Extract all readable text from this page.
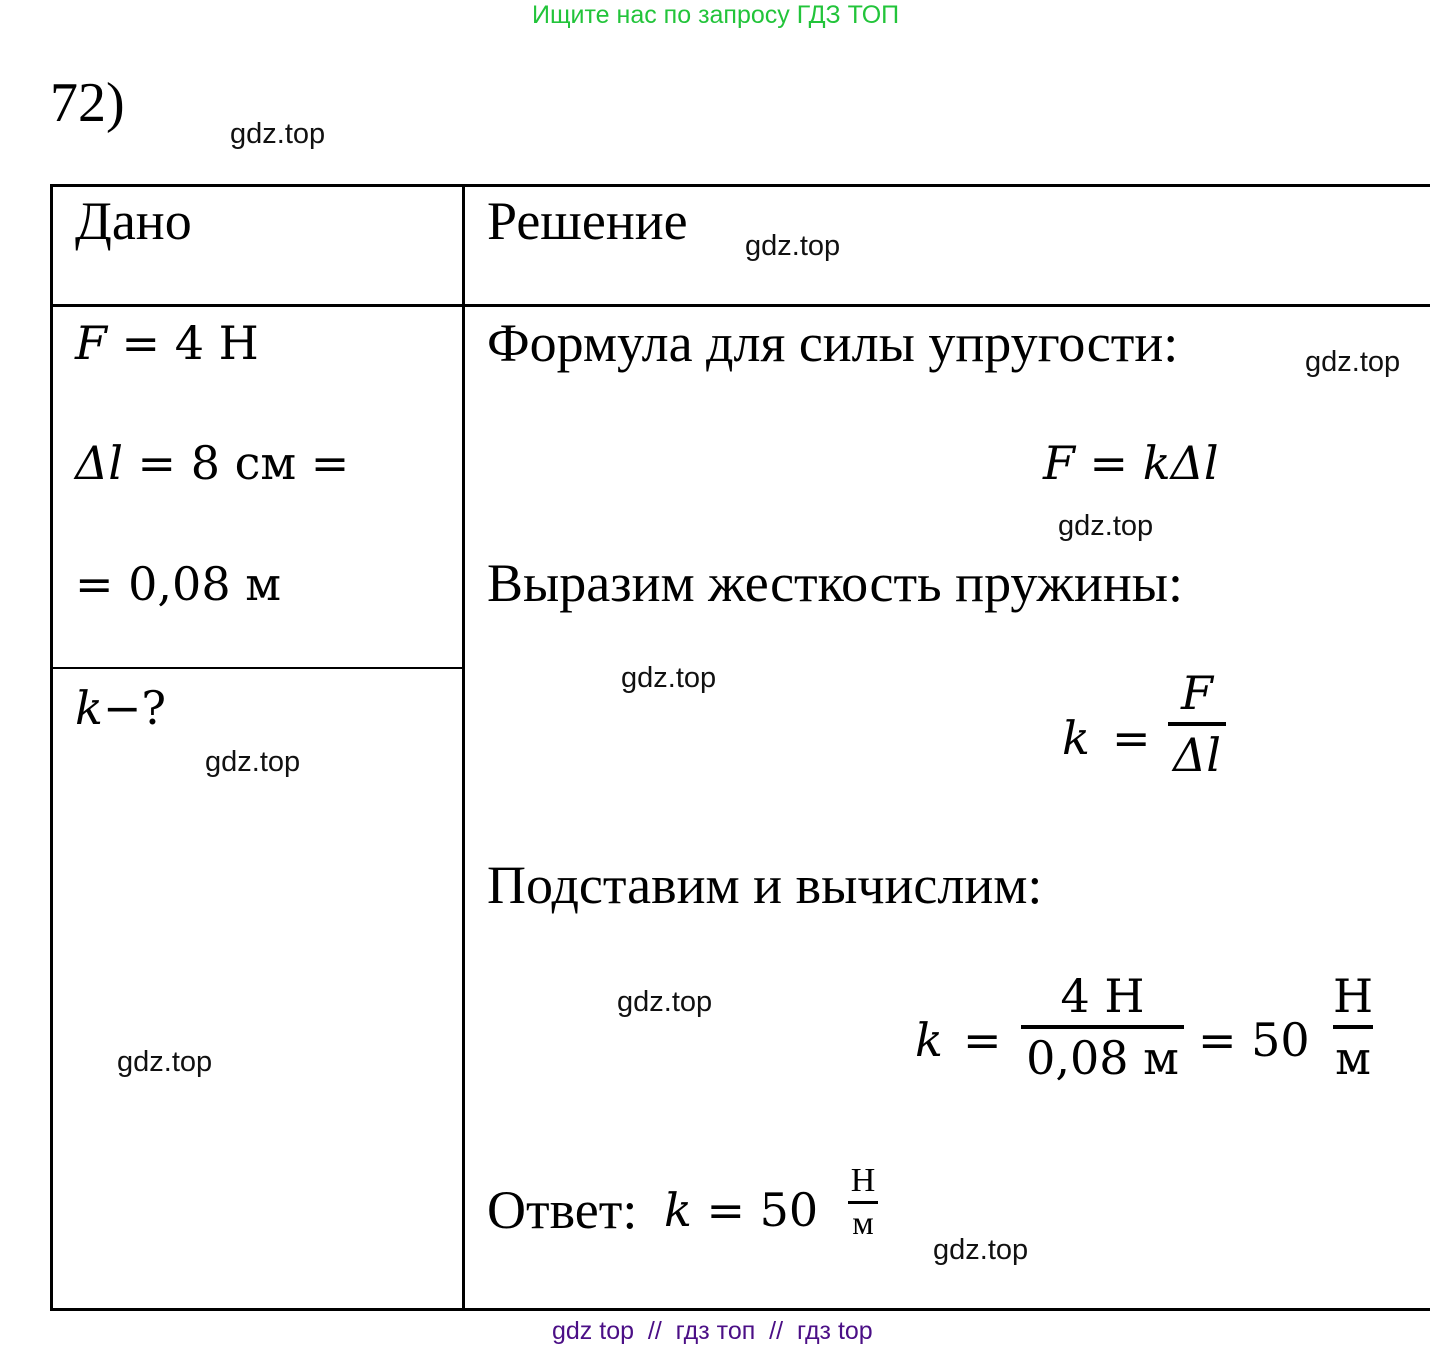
Ищите нас по запросу ГДЗ ТОП
72)
Дано	Решение
F = 4 Н
Δl = 8 см =
= 0,08 м
k−?
Формула для силы упругости:
F = kΔl
Выразим жесткость пружины:
k =
F
Δl
Подставим и вычислим:
k =
4 Н
0,08 м = 50
Н
м
Ответ: k = 50
Н
м
gdz.top
gdz.top
gdz.top
gdz.top
gdz.top
gdz.top
gdz.top
gdz.top
gdz.top
gdz top  //  гдз топ  //  гдз top
